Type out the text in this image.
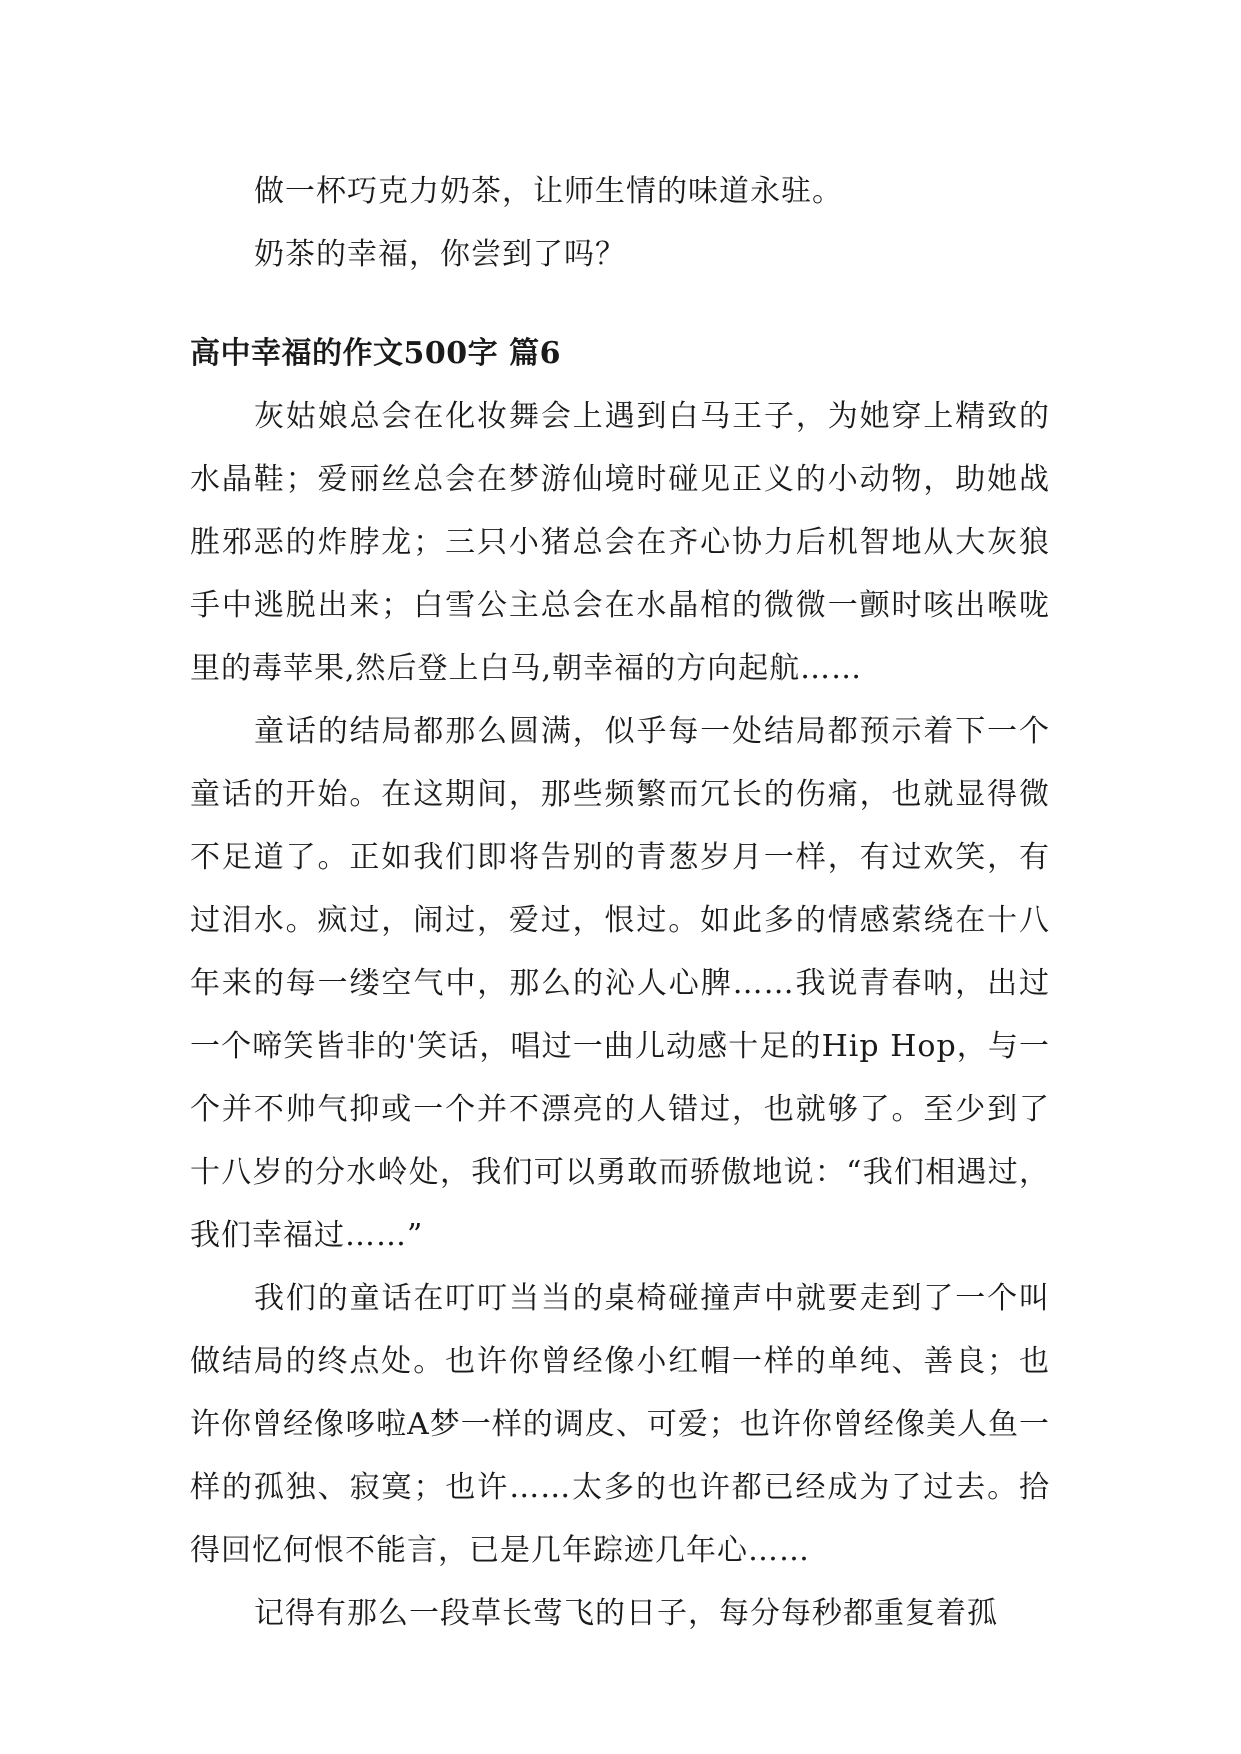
做一杯巧克力奶茶，让师生情的味道永驻。

奶茶的幸福，你尝到了吗？

高中幸福的作文500字 篇6

灰姑娘总会在化妆舞会上遇到白马王子，为她穿上精致的水晶鞋；爱丽丝总会在梦游仙境时碰见正义的小动物，助她战胜邪恶的炸脖龙；三只小猪总会在齐心协力后机智地从大灰狼手中逃脱出来；白雪公主总会在水晶棺的微微一颤时咳出喉咙里的毒苹果,然后登上白马,朝幸福的方向起航……

童话的结局都那么圆满，似乎每一处结局都预示着下一个童话的开始。在这期间，那些频繁而冗长的伤痛，也就显得微不足道了。正如我们即将告别的青葱岁月一样，有过欢笑，有过泪水。疯过，闹过，爱过，恨过。如此多的情感萦绕在十八年来的每一缕空气中，那么的沁人心脾……我说青春呐，出过一个啼笑皆非的'笑话，唱过一曲儿动感十足的Hip Hop，与一个并不帅气抑或一个并不漂亮的人错过，也就够了。至少到了十八岁的分水岭处，我们可以勇敢而骄傲地说：“我们相遇过，我们幸福过……”

我们的童话在叮叮当当的桌椅碰撞声中就要走到了一个叫做结局的终点处。也许你曾经像小红帽一样的单纯、善良；也许你曾经像哆啦A梦一样的调皮、可爱；也许你曾经像美人鱼一样的孤独、寂寞；也许……太多的也许都已经成为了过去。拾得回忆何恨不能言，已是几年踪迹几年心……

记得有那么一段草长莺飞的日子，每分每秒都重复着孤
